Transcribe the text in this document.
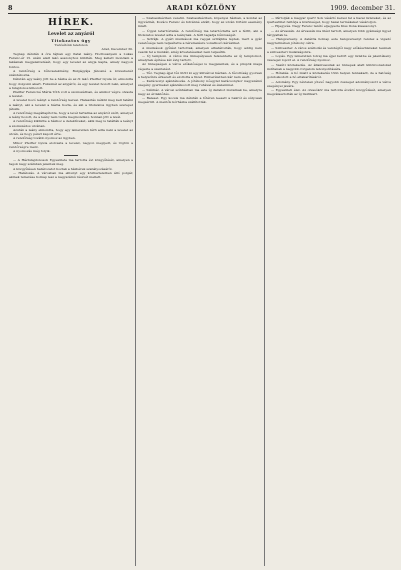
8	ARADI KÖZLÖNY	1909. december 31.
HÍREK.
Levelet az anyáról
Titokzatos ügy
Tudósítónk telefonon
Arad, December 30.

Tegnap délután 4 óra tájban egy fiatal leány, Hodrosanyem a Lukas Ferenc-ér 15. szám alatt lakó asszonyhoz küldték. Meg kellett mondani a lakásnak megjelentetését, hogy egy levelet az anyja kapta, amely nagyon fontos.

A rendőrség a bűncselekmény, Bulgágyája Jánosné a kövesbenét szándékozna.

Délután egy leány jött be a házba és az öt lakó Pfeiffer Gyula úr, elmondta hogy dolgozni akart. Fuksznél az anyjáról, és egy levelet hozott neki, amelyet a tulajdonos kihozott.

Pfeiffer Ferencné Mária Tóth volt a szomszédban, és amikor végre olvasta a levelet.

A levelet hozó leányt a rendőrség keresi. Halasztás nélkül meg kell találni a leányt, aki a levelet a házba hozta, és aki a titokzatos ügyben szerepet játszik.

A rendőrség megállapította, hogy a levél tartalma az anyáról szólt, amelyet a leány hozott, de a leány nem tudta megmondani, honnan jött a levél.

A rendőrség kiküldte a házhoz a detektíveket, akik meg is találták a leányt a szomszédos utcában.

Azután a leány elmondta, hogy egy ismeretlen férfi adta neki a levelet az utcán, és hogy pénzt kapott érte.

A rendőrség tovább nyomoz az ügyben.

Mikor Pfeiffer Gyula elolvasta a levelet, nagyon megijedt, és rögtön a rendőrségre ment.

A nyomozás még folyik.

— A Háztulajdonosok Egyesülete ma tartotta évi közgyűlését, amelyen a tagok nagy számban jelentek meg.

A közgyűlésen határozatot hoztak a házbérek szabályozásáról.

— Halálozás. A városban ma elhunyt egy köztiszteletben álló polgár, akinek temetése holnap lesz a nagyszámú részvét mellett.

— Szabaszkéziben vezetni. Szabaszkéziben, köpenyei házban, a kondai az ügyvédnél, Kovács Ferenc és Istvánné elvált, hogy az utcán történt esemény miatt.

— Ügyel letartóztatás. A rendőrség ma letartóztatta azt a férfit, aki a titokzatos levelet adta a leánynak. A férfi tagadja bűnösségét.

— Sztrájk. A gyári munkások ma reggel sztrájkba léptek, mert a gyár vezetősége nem teljesítette a béremelésre vonatkozó kérésüket.

A munkások gyűlést tartottak, amelyen elhatározták, hogy addig nem veszik fel a munkát, amíg követeléseiket nem teljesítik.

— Új templom. A város ma ünnepélyesen felszentelte az új templomot, amelynek építése két évig tartott.

Az ünnepségen a város előkelőségei is megjelentek, és a püspök maga végezte a szentelést.

— Tűz. Tegnap éjjel tűz ütött ki egy külvárosi házban. A tűzoltóság gyorsan a helyszínre érkezett és eloltotta a tüzet. Emberéletben kár nem esett.

— Karácsonyi ajándékozás. A jótékony nőegylet karácsonykor nagyszámú szegény gyermeket ajándékozott meg ruhával és élelemmel.

— Színház. A városi színházban ma este új darabot mutatnak be, amelyre nagy az érdeklődés.

— Baleset. Egy kocsis ma délután a főtéren leesett a bakról és súlyosan megsérült. A mentők kórházba szállították.

— Pártolják a magyar ipart! Sok vásárló keresi fel a hazai üzleteket, és az ipartestület felhívja a közönséget, hogy hazai termékeket vásároljon.

— Eljegyzés. Nagy Ferenc tanító eljegyezte Kiss Ilona kisasszonyt.

— Az árvaszék. Az árvaszék ma ülést tartott, amelyen több gyámsági ügyet tárgyaltak le.

— Hangverseny. A dalárda holnap este hangversenyt rendez a vigadó nagytermében jótékony célra.

— Szilveszter. A város szállodái és vendéglői nagy előkészületeket tesznek a szilveszteri mulatságokra.

— Lopás. Egy ismeretlen tolvaj ma éjjel betört egy üzletbe és jelentékeny összeget lopott el. A rendőrség nyomoz.

— Vasúti közlekedés. Az államvasutak az ünnepek alatt különvonatokat indítanak a nagyobb forgalom lebonyolítására.

— Hólakás. A hó miatt a közlekedés több helyen fennakadt, de a hatóság gondoskodott a hó eltakarításáról.

— Adomány. Egy névtelen jótevő nagyobb összeget adományozott a város szegényei javára.

— Egyesületi élet. Az olvasókör ma tartotta évzáró közgyűlését, amelyen megválasztották az új tisztikart.
